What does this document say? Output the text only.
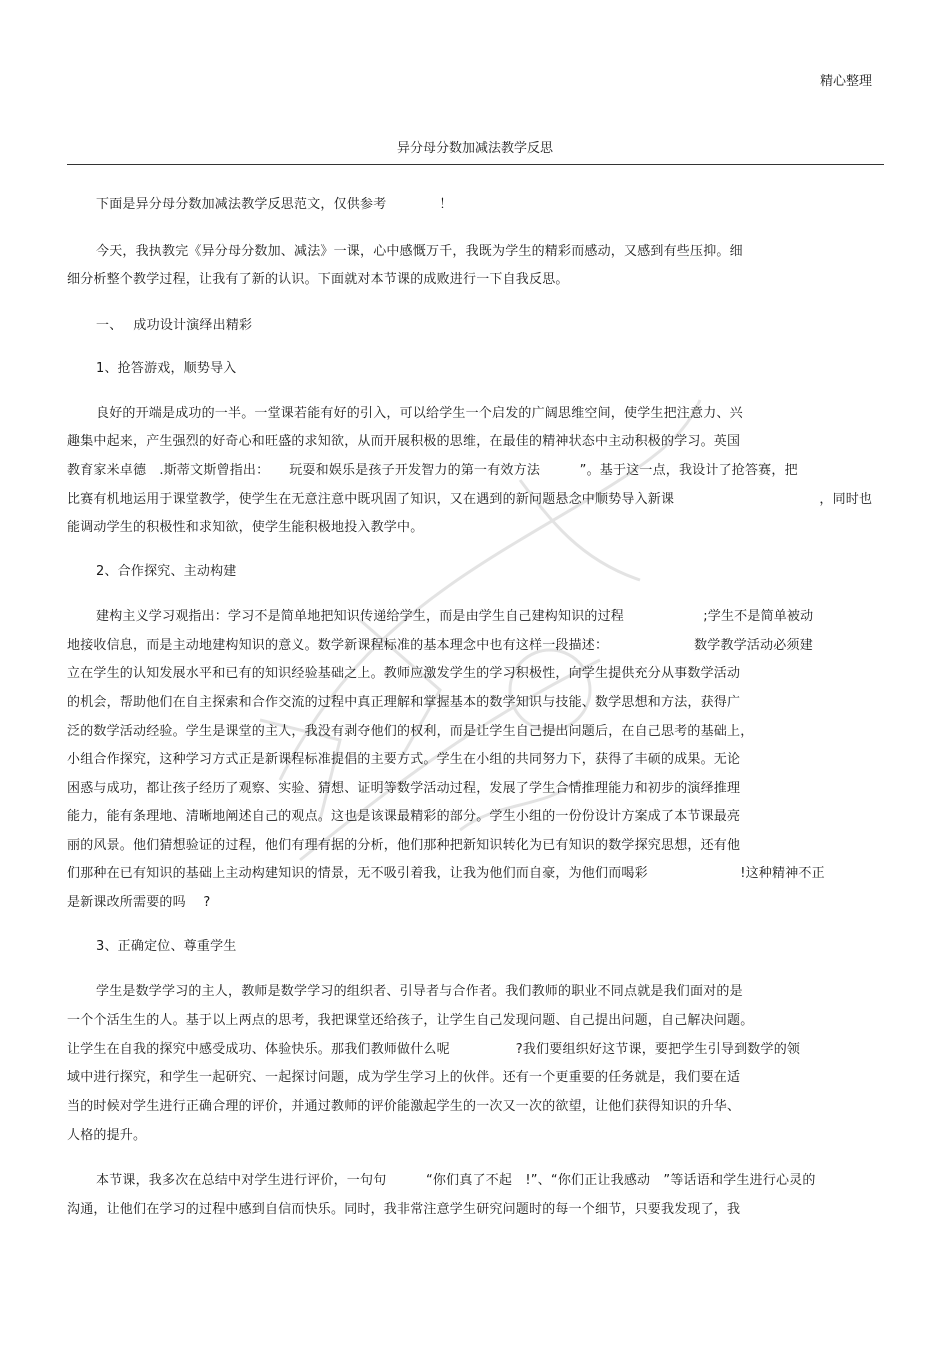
精心整理
异分母分数加减法教学反思
下面是异分母分数加减法教学反思范文，仅供参考　　　　！
今天，我执教完《异分母分数加、减法》一课，心中感慨万千，我既为学生的精彩而感动，又感到有些压抑。细
细分析整个教学过程，让我有了新的认识。下面就对本节课的成败进行一下自我反思。
一、　 成功设计演绎出精彩
1、抢答游戏，顺势导入
良好的开端是成功的一半。一堂课若能有好的引入，可以给学生一个启发的广阔思维空间，使学生把注意力、兴
趣集中起来，产生强烈的好奇心和旺盛的求知欲，从而开展积极的思维，在最佳的精神状态中主动积极的学习。英国
教育家米卓德　.斯蒂文斯曾指出：　　玩耍和娱乐是孩子开发智力的第一有效方法　　　”。基于这一点，我设计了抢答赛，把
比赛有机地运用于课堂教学，使学生在无意注意中既巩固了知识，又在遇到的新问题悬念中顺势导入新课　　　　　　　　　　　，同时也
能调动学生的积极性和求知欲，使学生能积极地投入教学中。
2、合作探究、主动构建
建构主义学习观指出：学习不是简单地把知识传递给学生，而是由学生自己建构知识的过程　　　　　　;学生不是简单被动
地接收信息，而是主动地建构知识的意义。数学新课程标准的基本理念中也有这样一段描述：　　　　　　　数学教学活动必须建
立在学生的认知发展水平和已有的知识经验基础之上。教师应激发学生的学习积极性，向学生提供充分从事数学活动
的机会，帮助他们在自主探索和合作交流的过程中真正理解和掌握基本的数学知识与技能、数学思想和方法，获得广
泛的数学活动经验。学生是课堂的主人，我没有剥夺他们的权利，而是让学生自己提出问题后，在自己思考的基础上，
小组合作探究，这种学习方式正是新课程标准提倡的主要方式。学生在小组的共同努力下，获得了丰硕的成果。无论
困惑与成功，都让孩子经历了观察、实验、猜想、证明等数学活动过程，发展了学生合情推理能力和初步的演绎推理
能力，能有条理地、清晰地阐述自己的观点。这也是该课最精彩的部分。学生小组的一份份设计方案成了本节课最亮
丽的风景。他们猜想验证的过程，他们有理有据的分析，他们那种把新知识转化为已有知识的数学探究思想，还有他
们那种在已有知识的基础上主动构建知识的情景，无不吸引着我，让我为他们而自豪，为他们而喝彩　　　　　　　!这种精神不正
是新课改所需要的吗　 ?
3、正确定位、尊重学生
学生是数学学习的主人，教师是数学学习的组织者、引导者与合作者。我们教师的职业不同点就是我们面对的是
一个个活生生的人。基于以上两点的思考，我把课堂还给孩子，让学生自己发现问题、自己提出问题，自己解决问题。
让学生在自我的探究中感受成功、体验快乐。那我们教师做什么呢　　　　　?我们要组织好这节课，要把学生引导到数学的领
域中进行探究，和学生一起研究、一起探讨问题，成为学生学习上的伙伴。还有一个更重要的任务就是，我们要在适
当的时候对学生进行正确合理的评价，并通过教师的评价能激起学生的一次又一次的欲望，让他们获得知识的升华、
人格的提升。
本节课，我多次在总结中对学生进行评价，一句句　　　“你们真了不起　!”、“你们正让我感动　”等话语和学生进行心灵的
沟通，让他们在学习的过程中感到自信而快乐。同时，我非常注意学生研究问题时的每一个细节，只要我发现了，我
